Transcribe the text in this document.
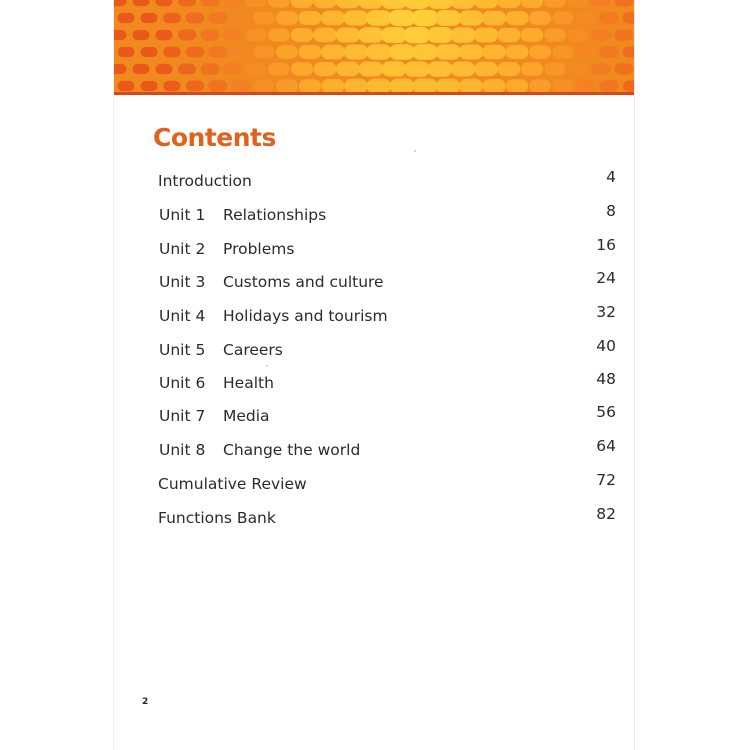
Contents
Introduction	4
Unit 1 Relationships	8
Unit 2 Problems	16
Unit 3 Customs and culture	24
Unit 4 Holidays and tourism	32
Unit 5 Careers	40
Unit 6 Health	48
Unit 7 Media	56
Unit 8 Change the world	64
Cumulative Review	72
Functions Bank	82
2
